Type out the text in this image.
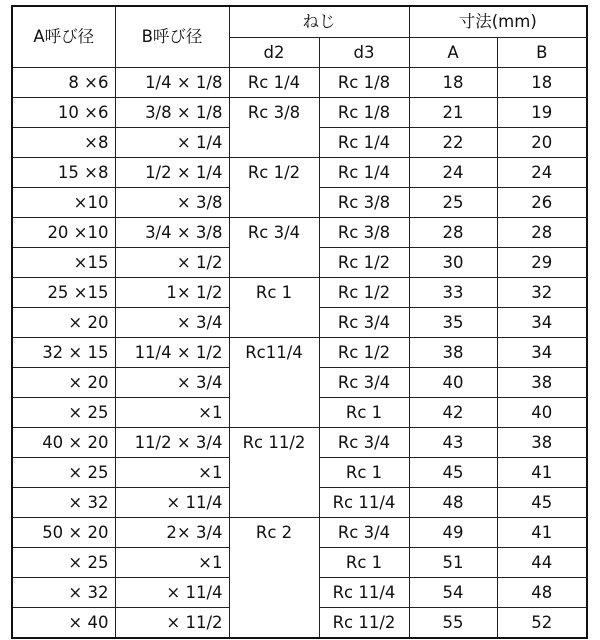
A呼び径	B呼び径	ねじ		寸法(mm)	
		d2	d3	A	B
8 ×6	1/4 × 1/8	Rc 1/4	Rc 1/8	18	18
10 ×6	3/8 × 1/8	Rc 3/8	Rc 1/8	21	19
×8	× 1/4		Rc 1/4	22	20
15 ×8	1/2 × 1/4	Rc 1/2	Rc 1/4	24	24
×10	× 3/8		Rc 3/8	25	26
20 ×10	3/4 × 3/8	Rc 3/4	Rc 3/8	28	28
×15	× 1/2		Rc 1/2	30	29
25 ×15	1× 1/2	Rc 1	Rc 1/2	33	32
× 20	× 3/4		Rc 3/4	35	34
32 × 15	11/4 × 1/2	Rc11/4	Rc 1/2	38	34
× 20	× 3/4		Rc 3/4	40	38
× 25	×1		Rc 1	42	40
40 × 20	11/2 × 3/4	Rc 11/2	Rc 3/4	43	38
× 25	×1		Rc 1	45	41
× 32	× 11/4		Rc 11/4	48	45
50 × 20	2× 3/4	Rc 2	Rc 3/4	49	41
× 25	×1		Rc 1	51	44
× 32	× 11/4		Rc 11/4	54	48
× 40	× 11/2		Rc 11/2	55	52
